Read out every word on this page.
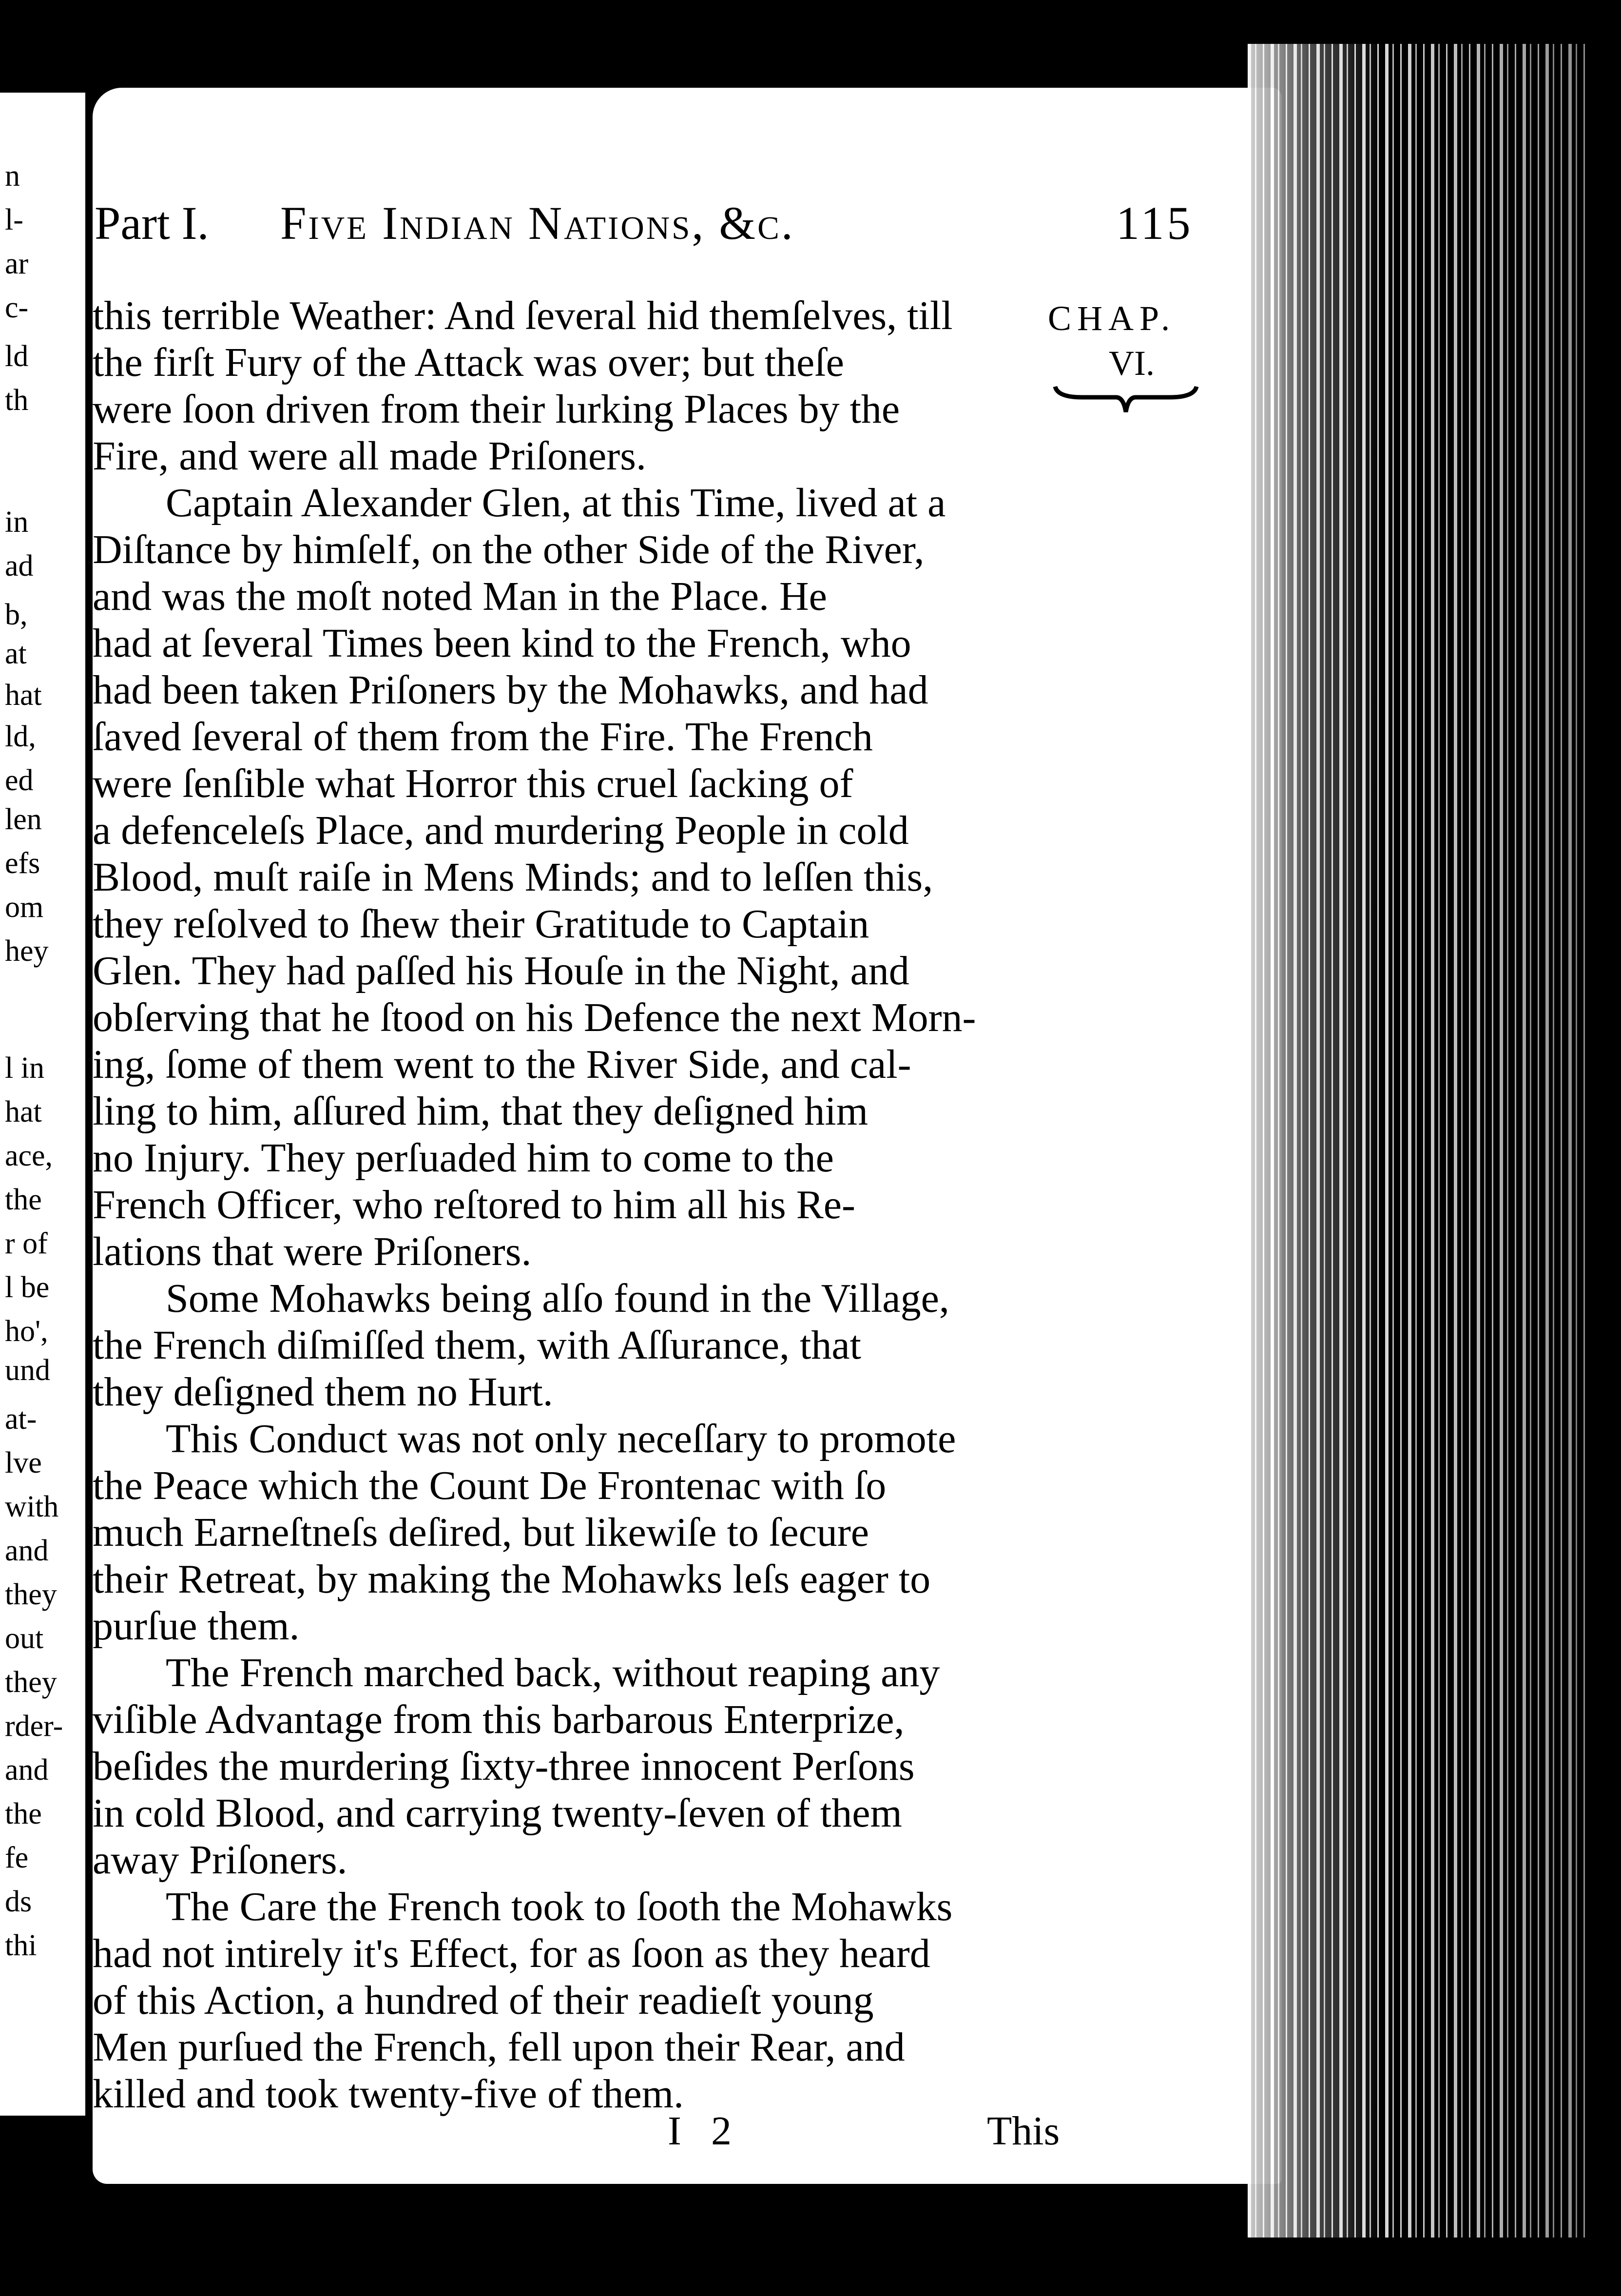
n
l-
ar
c-
ld
th
in
ad
b,
at
hat
ld,
ed
len
efs
om
hey
l in
hat
ace,
the
r of
l be
ho',
und
at-
lve
with
and
they
out
they
rder-
and
the
fe
ds
thi
Part I. Five Indian Nations, &c.	115
CHAP.
VI.
this terrible Weather: And ſeveral hid themſelves, till
the firſt Fury of the Attack was over; but theſe
were ſoon driven from their lurking Places by the
Fire, and were all made Priſoners.
Captain Alexander Glen, at this Time, lived at a
Diſtance by himſelf, on the other Side of the River,
and was the moſt noted Man in the Place. He
had at ſeveral Times been kind to the French, who
had been taken Priſoners by the Mohawks, and had
ſaved ſeveral of them from the Fire. The French
were ſenſible what Horror this cruel ſacking of
a defenceleſs Place, and murdering People in cold
Blood, muſt raiſe in Mens Minds; and to leſſen this,
they reſolved to ſhew their Gratitude to Captain
Glen. They had paſſed his Houſe in the Night, and
obſerving that he ſtood on his Defence the next Morn-
ing, ſome of them went to the River Side, and cal-
ling to him, aſſured him, that they deſigned him
no Injury. They perſuaded him to come to the
French Officer, who reſtored to him all his Re-
lations that were Priſoners.
Some Mohawks being alſo found in the Village,
the French diſmiſſed them, with Aſſurance, that
they deſigned them no Hurt.
This Conduct was not only neceſſary to promote
the Peace which the Count De Frontenac with ſo
much Earneſtneſs deſired, but likewiſe to ſecure
their Retreat, by making the Mohawks leſs eager to
purſue them.
The French marched back, without reaping any
viſible Advantage from this barbarous Enterprize,
beſides the murdering ſixty-three innocent Perſons
in cold Blood, and carrying twenty-ſeven of them
away Priſoners.
The Care the French took to ſooth the Mohawks
had not intirely it's Effect, for as ſoon as they heard
of this Action, a hundred of their readieſt young
Men purſued the French, fell upon their Rear, and
killed and took twenty-five of them.
I 2	This
